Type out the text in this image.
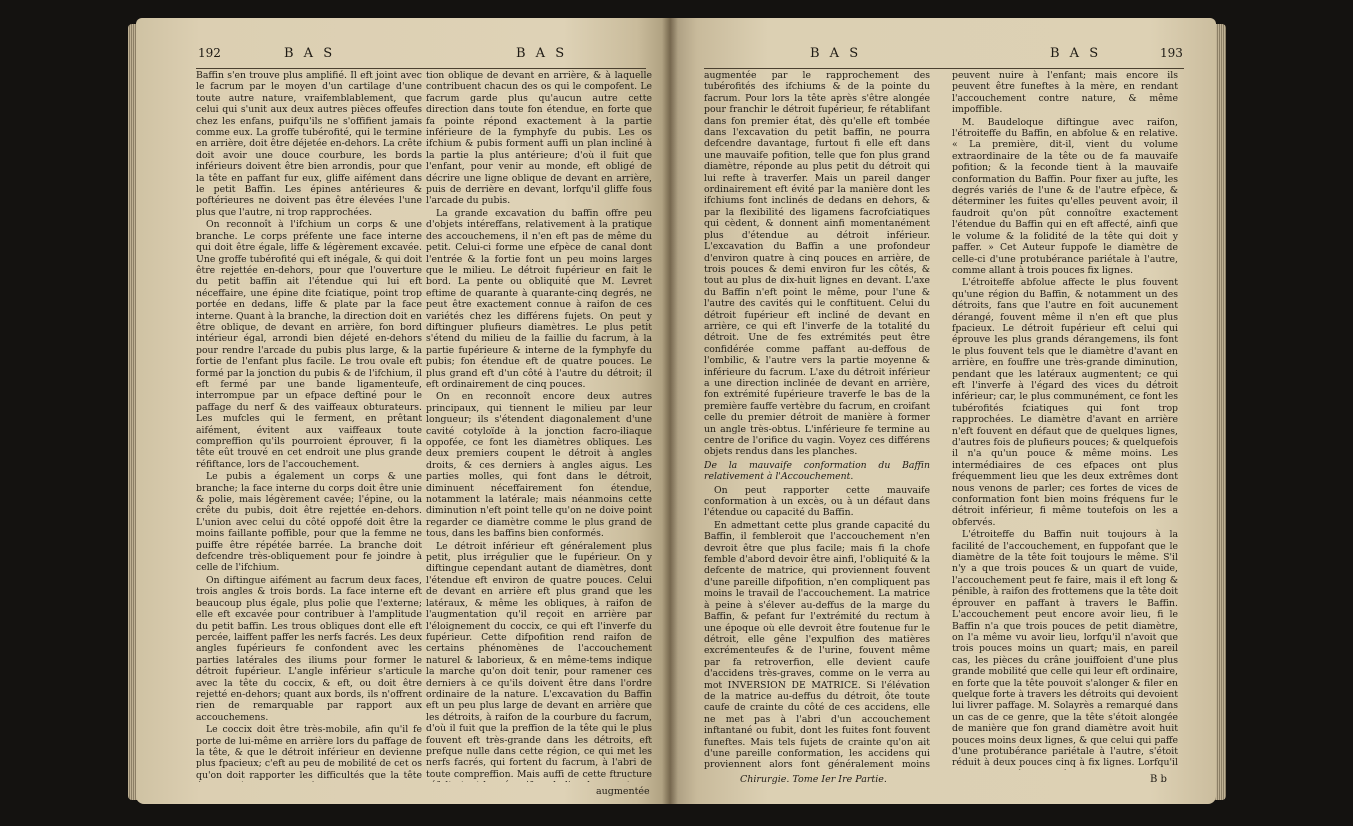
192	B A S	B A S

Baffin s'en trouve plus amplifié. Il eft joint avec le facrum par le moyen d'un cartilage d'une toute autre nature, vraifemblablement, que celui qui s'unit aux deux autres pièces offeufes chez les enfans, puifqu'ils ne s'offifient jamais comme eux. La groffe tubérofité, qui le termine en arrière, doit être déjetée en-dehors. La crête doit avoir une douce courbure, les bords inférieurs doivent être bien arrondis, pour que la tête en paffant fur eux, gliffe aifément dans le petit Baffin. Les épines antérieures & poftérieures ne doivent pas être élevées l'une plus que l'autre, ni trop rapprochées.

On reconnoît à l'ifchium un corps & une branche. Le corps préfente une face interne qui doit être égale, liffe & légèrement excavée. Une groffe tubérofité qui eft inégale, & qui doit être rejettée en-dehors, pour que l'ouverture du petit baffin ait l'étendue qui lui eft néceffaire, une épine dite fciatique, point trop portée en dedans, liffe & plate par la face interne. Quant à la branche, la direction doit en être oblique, de devant en arrière, fon bord intérieur égal, arrondi bien déjeté en-dehors pour rendre l'arcade du pubis plus large, & la fortie de l'enfant plus facile. Le trou ovale eft formé par la jonction du pubis & de l'ifchium, il eft fermé par une bande ligamenteufe, interrompue par un efpace deftiné pour le paffage du nerf & des vaiffeaux obturateurs. Les mufcles qui le ferment, en prêtant aifément, évitent aux vaiffeaux toute compreffion qu'ils pourroient éprouver, fi la tête eût trouvé en cet endroit une plus grande réfiftance, lors de l'accouchement.

Le pubis a également un corps & une branche; la face interne du corps doit être unie & polie, mais légèrement cavée; l'épine, ou la crête du pubis, doit être rejettée en-dehors. L'union avec celui du côté oppofé doit être la moins faillante poffible, pour que la femme ne puiffe être répétée barrée. La branche doit defcendre très-obliquement pour fe joindre à celle de l'ifchium.

On diftingue aifément au facrum deux faces, trois angles & trois bords. La face interne eft beaucoup plus égale, plus polie que l'externe; elle eft excavée pour contribuer à l'amplitude du petit baffin. Les trous obliques dont elle eft percée, laiffent paffer les nerfs facrés. Les deux angles fupérieurs fe confondent avec les parties latérales des iliums pour former le détroit fupérieur. L'angle inférieur s'articule avec la tête du coccix, & eft, ou doit être rejetté en-dehors; quant aux bords, ils n'offrent rien de remarquable par rapport aux accouchemens.

Le coccix doit être très-mobile, afin qu'il fe porte de lui-même en arrière lors du paffage de la tête, & que le détroit inférieur en devienne plus fpacieux; c'eft au peu de mobilité de cet os qu'on doit rapporter les difficultés que la tête

tion oblique de devant en arrière, & à laquelle contribuent chacun des os qui le compofent. Le facrum garde plus qu'aucun autre cette direction dans toute fon étendue, en forte que fa pointe répond exactement à la partie inférieure de la fymphyfe du pubis. Les os ifchium & pubis forment auffi un plan incliné à la partie la plus antérieure; d'où il fuit que l'enfant, pour venir au monde, eft obligé de décrire une ligne oblique de devant en arrière, puis de derrière en devant, lorfqu'il gliffe fous l'arcade du pubis.

La grande excavation du baffin offre peu d'objets intéreffans, relativement à la pratique des accouchemens, il n'en eft pas de même du petit. Celui-ci forme une efpèce de canal dont l'entrée & la fortie font un peu moins larges que le milieu. Le détroit fupérieur en fait le bord. La pente ou obliquité que M. Levret eftime de quarante à quarante-cinq degrés, ne peut être exactement connue à raifon de ces variétés chez les différens fujets. On peut y diftinguer plufieurs diamètres. Le plus petit s'étend du milieu de la faillie du facrum, à la partie fupérieure & interne de la fymphyfe du pubis; fon étendue eft de quatre pouces. Le plus grand eft d'un côté à l'autre du détroit; il eft ordinairement de cinq pouces.

On en reconnoît encore deux autres principaux, qui tiennent le milieu par leur longueur; ils s'étendent diagonalement d'une cavité cotyloïde à la jonction facro-iliaque oppofée, ce font les diamètres obliques. Les deux premiers coupent le détroit à angles droits, & ces derniers à angles aigus. Les parties molles, qui font dans le détroit, diminuent néceffairement fon étendue, notamment la latérale; mais néanmoins cette diminution n'eft point telle qu'on ne doive point regarder ce diamètre comme le plus grand de tous, dans les baffins bien conformés.

Le détroit inférieur eft généralement plus petit, plus irrégulier que le fupérieur. On y diftingue cependant autant de diamètres, dont l'étendue eft environ de quatre pouces. Celui de devant en arrière eft plus grand que les latéraux, & même les obliques, à raifon de l'augmentation qu'il reçoit en arrière par l'éloignement du coccix, ce qui eft l'inverfe du fupérieur. Cette difpofition rend raifon de certains phénomènes de l'accouchement naturel & laborieux, & en même-tems indique la marche qu'on doit tenir, pour ramener ces derniers à ce qu'ils doivent être dans l'ordre ordinaire de la nature. L'excavation du Baffin eft un peu plus large de devant en arrière que les détroits, à raifon de la courbure du facrum, d'où il fuit que la preffion de la tête qui le plus fouvent eft très-grande dans les détroits, eft prefque nulle dans cette région, ce qui met les nerfs facrés, qui fortent du facrum, à l'abri de toute compreffion. Mais auffi de cette ftructure

augmentée
B A S	B A S	193

augmentée par le rapprochement des tubérofités des ifchiums & de la pointe du facrum. Pour lors la tête après s'être alongée pour franchir le détroit fupérieur, fe rétablifant dans fon premier état, dès qu'elle eft tombée dans l'excavation du petit baffin, ne pourra defcendre davantage, furtout fi elle eft dans une mauvaife pofition, telle que fon plus grand diamètre, réponde au plus petit du détroit qui lui refte à traverfer. Mais un pareil danger ordinairement eft évité par la manière dont les ifchiums font inclinés de dedans en dehors, & par la flexibilité des ligamens facrofciatiques qui cèdent, & donnent ainfi momentanément plus d'étendue au détroit inférieur. L'excavation du Baffin a une profondeur d'environ quatre à cinq pouces en arrière, de trois pouces & demi environ fur les côtés, & tout au plus de dix-huit lignes en devant. L'axe du Baffin n'eft point le même, pour l'une & l'autre des cavités qui le conftituent. Celui du détroit fupérieur eft incliné de devant en arrière, ce qui eft l'inverfe de la totalité du détroit. Une de fes extrémités peut être confidérée comme paffant au-deffous de l'ombilic, & l'autre vers la partie moyenne & inférieure du facrum. L'axe du détroit inférieur a une direction inclinée de devant en arrière, fon extrémité fupérieure traverfe le bas de la première fauffe vertèbre du facrum, en croifant celle du premier détroit de manière à former un angle très-obtus. L'inférieure fe termine au centre de l'orifice du vagin. Voyez ces différens objets rendus dans les planches.

De la mauvaife conformation du Baffin relativement à l'Accouchement.

On peut rapporter cette mauvaife conformation à un excès, ou à un défaut dans l'étendue ou capacité du Baffin.

En admettant cette plus grande capacité du Baffin, il fembleroit que l'accouchement n'en devroit être que plus facile; mais fi la chofe femble d'abord devoir être ainfi, l'obliquité & la defcente de matrice, qui proviennent fouvent d'une pareille difpofition, n'en compliquent pas moins le travail de l'accouchement. La matrice à peine à s'élever au-deffus de la marge du Baffin, & pefant fur l'extrémité du rectum à une époque où elle devroit être foutenue fur le détroit, elle gêne l'expulfion des matières excrémenteufes & de l'urine, fouvent même par fa retroverfion, elle devient caufe d'accidens très-graves, comme on le verra au mot INVERSION DE MATRICE. Si l'élévation de la matrice au-deffus du détroit, ôte toute caufe de crainte du côté de ces accidens, elle ne met pas à l'abri d'un accouchement inftantané ou fubit, dont les fuites font fouvent funeftes. Mais tels fujets de crainte qu'on ait d'une pareille conformation, les accidens qui proviennent alors font généralement moins

peuvent nuire à l'enfant; mais encore ils peuvent être funeftes à la mère, en rendant l'accouchement contre nature, & même impoffible.

M. Baudeloque diftingue avec raifon, l'étroiteffe du Baffin, en abfolue & en relative. « La première, dit-il, vient du volume extraordinaire de la tête ou de fa mauvaife pofition; & la feconde tient à la mauvaife conformation du Baffin. Pour fixer au jufte, les degrés variés de l'une & de l'autre efpèce, & déterminer les fuites qu'elles peuvent avoir, il faudroit qu'on pût connoître exactement l'étendue du Baffin qui en eft affecté, ainfi que le volume & la folidité de la tête qui doit y paffer. » Cet Auteur fuppofe le diamètre de celle-ci d'une protubérance pariétale à l'autre, comme allant à trois pouces fix lignes.

L'étroiteffe abfolue affecte le plus fouvent qu'une région du Baffin, & notamment un des détroits, fans que l'autre en foit aucunement dérangé, fouvent même il n'en eft que plus fpacieux. Le détroit fupérieur eft celui qui éprouve les plus grands dérangemens, ils font le plus fouvent tels que le diamètre d'avant en arrière, en fouffre une très-grande diminution, pendant que les latéraux augmentent; ce qui eft l'inverfe à l'égard des vices du détroit inférieur; car, le plus communément, ce font les tubérofités fciatiques qui font trop rapprochées. Le diamètre d'avant en arrière n'eft fouvent en défaut que de quelques lignes, d'autres fois de plufieurs pouces; & quelquefois il n'a qu'un pouce & même moins. Les intermédiaires de ces efpaces ont plus fréquemment lieu que les deux extrêmes dont nous venons de parler; ces fortes de vices de conformation font bien moins fréquens fur le détroit inférieur, fi même toutefois on les a obfervés.

L'étroiteffe du Baffin nuit toujours à la facilité de l'accouchement, en fuppofant que le diamètre de la tête foit toujours le même. S'il n'y a que trois pouces & un quart de vuide, l'accouchement peut fe faire, mais il eft long & pénible, à raifon des frottemens que la tête doit éprouver en paffant à travers le Baffin. L'accouchement peut encore avoir lieu, fi le Baffin n'a que trois pouces de petit diamètre, on l'a même vu avoir lieu, lorfqu'il n'avoit que trois pouces moins un quart; mais, en pareil cas, les pièces du crâne jouiffoient d'une plus grande mobilité que celle qui leur eft ordinaire, en forte que la tête pouvoit s'alonger & filer en quelque forte à travers les détroits qui devoient lui livrer paffage. M. Solayrès a remarqué dans un cas de ce genre, que la tête s'étoit alongée de manière que fon grand diamètre avoit huit pouces moins deux lignes, & que celui qui paffe d'une protubérance pariétale à l'autre, s'étoit réduit à deux pouces cinq à fix lignes. Lorfqu'il

Chirurgie. Tome Ier Ire Partie.	B b
